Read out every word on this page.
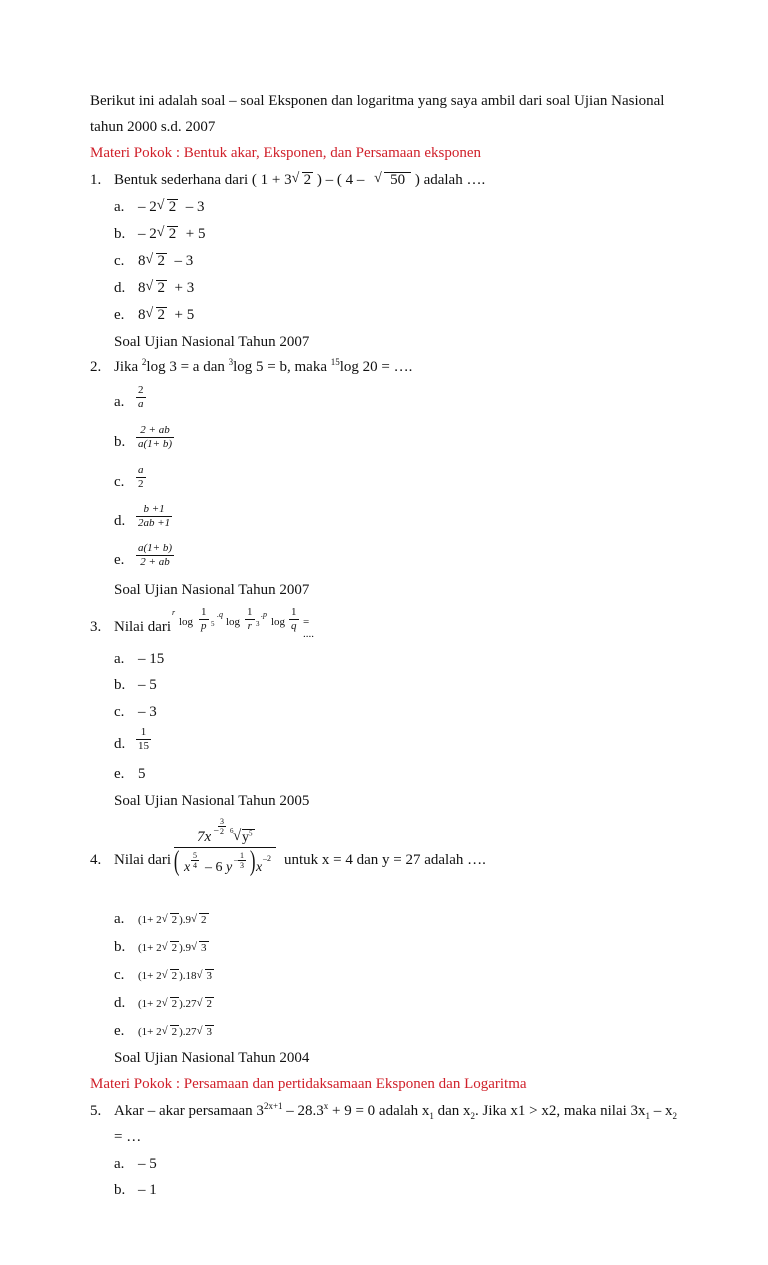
Berikut ini adalah soal – soal Eksponen dan logaritma yang saya ambil dari soal Ujian Nasional
tahun 2000 s.d. 2007
Materi Pokok : Bentuk akar, Eksponen, dan Persamaan eksponen
1. Bentuk sederhana dari ( 1 + 3 √ 2 ) – ( 4 – √ 50 ) adalah ….
a. – 2 √ 2 – 3
b. – 2 √ 2 + 5
c. 8 √ 2 – 3
d. 8 √ 2 + 3
e. 8 √ 2 + 5
Soal Ujian Nasional Tahun 2007
2. Jika $^2$log 3 = a dan $^3$log 5 = b, maka $^{15}$log 20 = ….
a. $\frac{2}{a}$
b. $\frac{2 + ab}{a(1+ b)}$
c. $\frac{a}{2}$
d. $\frac{b +1}{2ab +1}$
e. $\frac{a(1+ b)}{2 + ab}$
Soal Ujian Nasional Tahun 2007
3. Nilai dari
r
$\log \frac{1}{p} 5$
.q
$\log \frac{1}{r} 3$
.p
$\log \frac{1}{q}$ = ....
a. – 15
b. – 5
c. – 3
d. $\frac{1}{15}$
e. 5
Soal Ujian Nasional Tahun 2005
4. Nilai dari	untuk x = 4 dan y = 27 adalah ….
$7x - \frac{3}{2} 6$ √ $y^5$
( x $\frac{5}{4} - 6$ y
– $\frac{1}{3}$ ) x
–2
a. (1+ 2 √ 2 ).9 √ 2
b. (1+ 2 √ 2 ).9 √ 3
c. (1+ 2 √ 2 ).18 √ 3
d. (1+ 2 √ 2 ).27 √ 2
e. (1+ 2 √ 2 ).27 √ 3
Soal Ujian Nasional Tahun 2004
Materi Pokok : Persamaan dan pertidaksamaan Eksponen dan Logaritma
5. Akar – akar persamaan $3^{2x+1} - 28.3^x + 9 = 0$ adalah $x_1$ dan $x_2$. Jika x1 > x2, maka nilai $3x_1 - x_2$
= …
a. – 5
b. – 1
